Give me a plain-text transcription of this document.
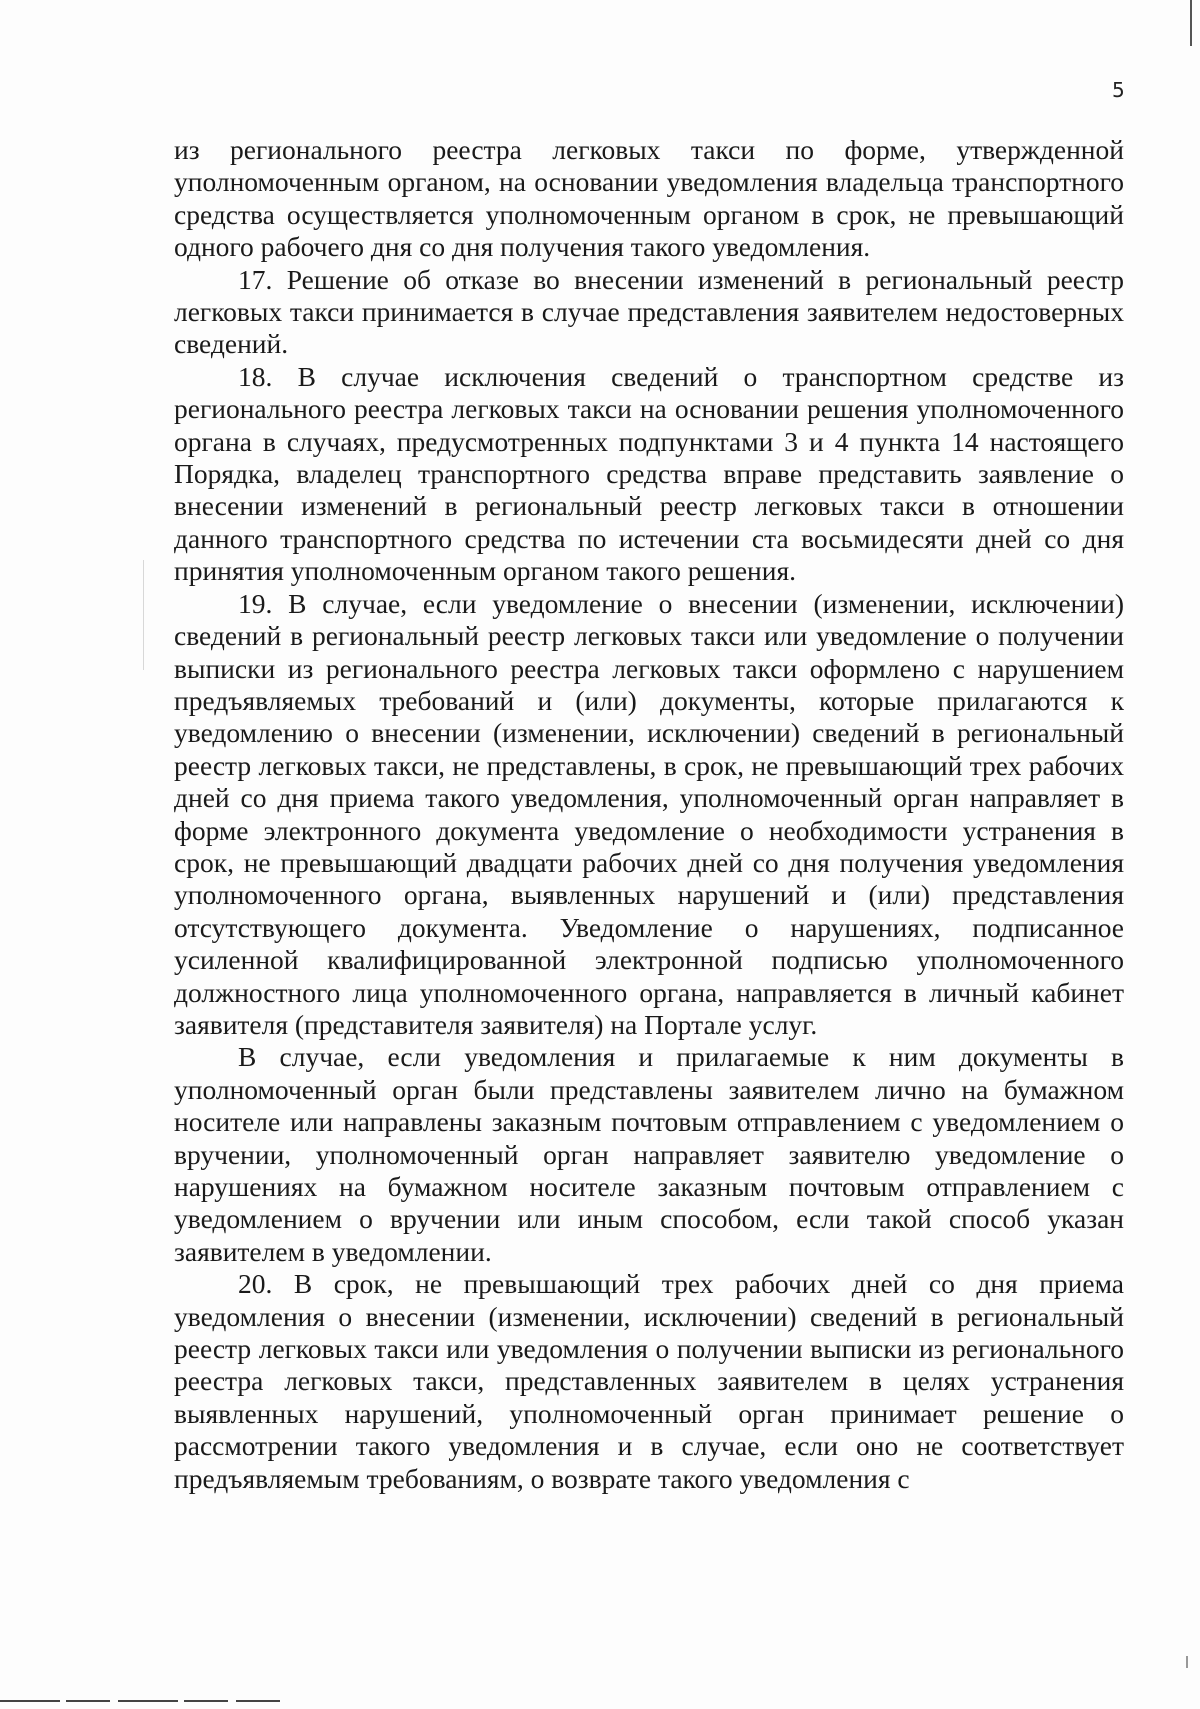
5

из регионального реестра легковых такси по форме, утвержденной уполномоченным органом, на основании уведомления владельца транспортного средства осуществляется уполномоченным органом в срок, не превышающий одного рабочего дня со дня получения такого уведомления.

17. Решение об отказе во внесении изменений в региональный реестр легковых такси принимается в случае представления заявителем недостоверных сведений.

18. В случае исключения сведений о транспортном средстве из регионального реестра легковых такси на основании решения уполномоченного органа в случаях, предусмотренных подпунктами 3 и 4 пункта 14 настоящего Порядка, владелец транспортного средства вправе представить заявление о внесении изменений в региональный реестр легковых такси в отношении данного транспортного средства по истечении ста восьмидесяти дней со дня принятия уполномоченным органом такого решения.

19. В случае, если уведомление о внесении (изменении, исключении) сведений в региональный реестр легковых такси или уведомление о получении выписки из регионального реестра легковых такси оформлено с нарушением предъявляемых требований и (или) документы, которые прилагаются к уведомлению о внесении (изменении, исключении) сведений в региональный реестр легковых такси, не представлены, в срок, не превышающий трех рабочих дней со дня приема такого уведомления, уполномоченный орган направляет в форме электронного документа уведомление о необходимости устранения в срок, не превышающий двадцати рабочих дней со дня получения уведомления уполномоченного органа, выявленных нарушений и (или) представления отсутствующего документа. Уведомление о нарушениях, подписанное усиленной квалифицированной электронной подписью уполномоченного должностного лица уполномоченного органа, направляется в личный кабинет заявителя (представителя заявителя) на Портале услуг.

В случае, если уведомления и прилагаемые к ним документы в уполномоченный орган были представлены заявителем лично на бумажном носителе или направлены заказным почтовым отправлением с уведомлением о вручении, уполномоченный орган направляет заявителю уведомление о нарушениях на бумажном носителе заказным почтовым отправлением с уведомлением о вручении или иным способом, если такой способ указан заявителем в уведомлении.

20. В срок, не превышающий трех рабочих дней со дня приема уведомления о внесении (изменении, исключении) сведений в региональный реестр легковых такси или уведомления о получении выписки из регионального реестра легковых такси, представленных заявителем в целях устранения выявленных нарушений, уполномоченный орган принимает решение о рассмотрении такого уведомления и в случае, если оно не соответствует предъявляемым требованиям, о возврате такого уведомления с
